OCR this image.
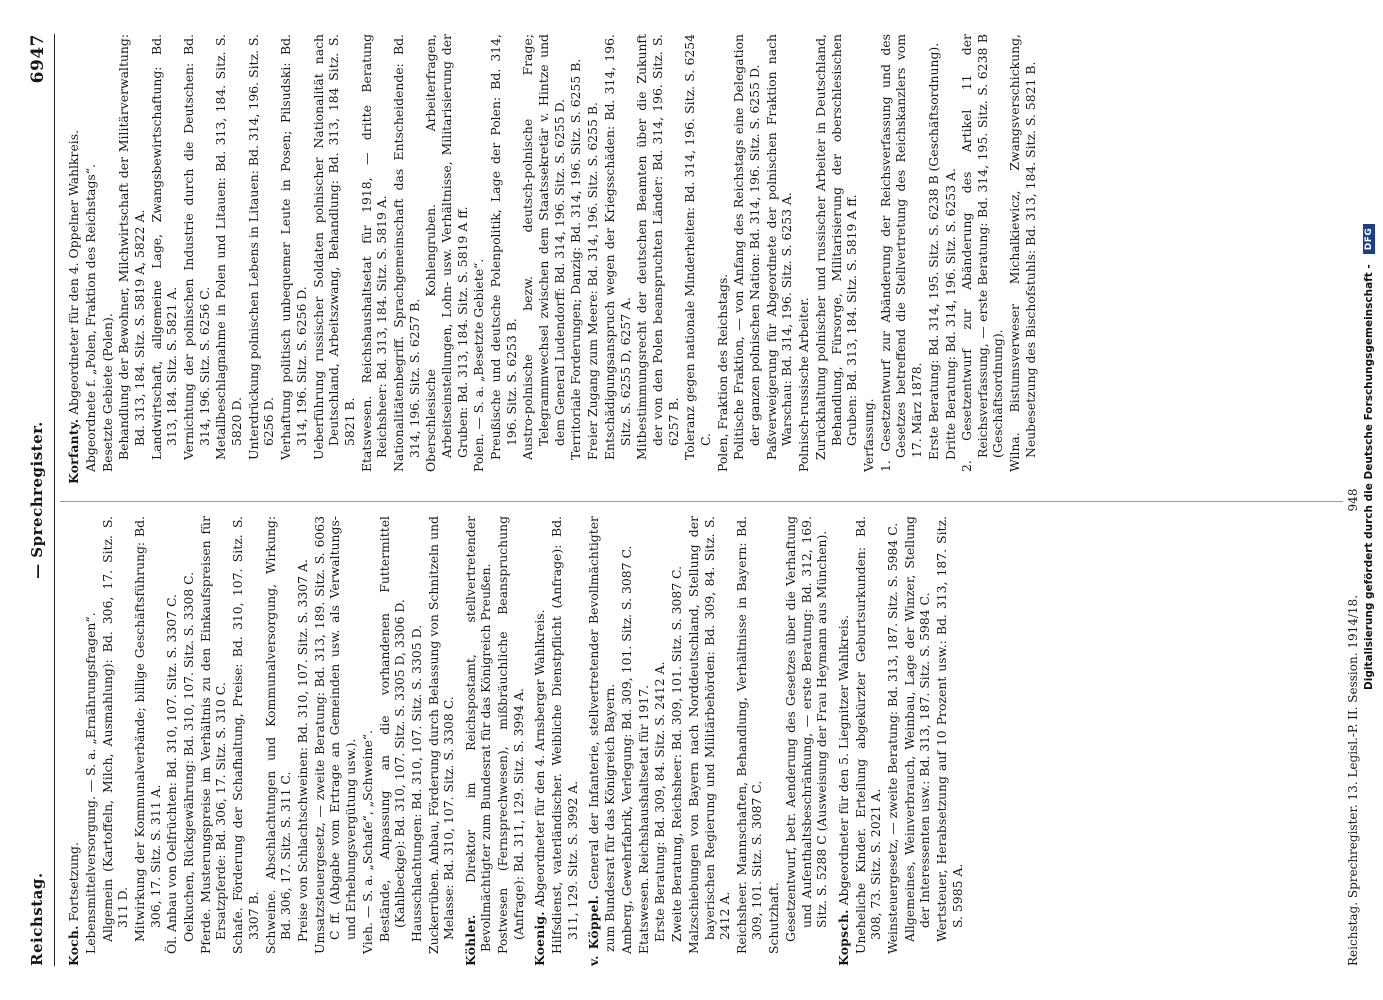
Reichstag.
— Sprechregister.
6947

Koch. Fortsetzung. Lebensmittelversorgung. — S. a. „Ernährungsfragen“. Allgemein (Kartoffeln, Milch, Ausmahlung): Bd. 306, 17. Sitz. S. 311 D. Mitwirkung der Kommunalverbände; billige Geschäftsführung: Bd. 306, 17. Sitz. S. 311 A. Öl. Anbau von Oelfrüchten: Bd. 310, 107. Sitz. S. 3307 C. Oelkuchen, Rückgewährung: Bd. 310, 107. Sitz. S. 3308 C. Pferde. Musterungspreise im Verhältnis zu den Einkaufspreisen für Ersatzpferde: Bd. 306, 17. Sitz. S. 310 C. Schafe. Förderung der Schafhaltung, Preise: Bd. 310, 107. Sitz. S. 3307 B. Schweine. Abschlachtungen und Kommunalversorgung, Wirkung: Bd. 306, 17. Sitz. S. 311 C. Preise von Schlachtschweinen: Bd. 310, 107. Sitz. S. 3307 A. Umsatzsteuergesetz, — zweite Beratung: Bd. 313, 189. Sitz. S. 6063 C ff. (Abgabe vom Ertrage an Gemeinden usw. als Verwaltungs- und Erhebungsvergütung usw.). Vieh. — S. a. „Schafe“, „Schweine“. Bestände, Anpassung an die vorhandenen Futtermittel (Kahlbeckge): Bd. 310, 107. Sitz. S. 3305 D, 3306 D. Hausschlachtungen: Bd. 310, 107. Sitz. S. 3305 D. Zuckerrüben. Anbau, Förderung durch Belassung von Schnitzeln und Melasse: Bd. 310, 107. Sitz. S. 3308 C.

Köhler. Direktor im Reichspostamt, stellvertretender Bevollmächtigter zum Bundesrat für das Königreich Preußen. Postwesen (Fernsprechwesen), mißbräuchliche Beanspruchung (Anfrage): Bd. 311, 129. Sitz. S. 3994 A. Koenig. Abgeordneter für den 4. Arnsberger Wahlkreis. Hilfsdienst, vaterländischer. Weibliche Dienstpflicht (Anfrage): Bd. 311, 129. Sitz. S. 3992 A. v. Köppel. General der Infanterie, stellvertretender Bevollmächtigter zum Bundesrat für das Königreich Bayern. Amberg, Gewehrfabrik, Verlegung: Bd. 309, 101. Sitz. S. 3087 C. Etatswesen. Reichshaushaltsetat für 1917. Erste Beratung: Bd. 309, 84. Sitz. S. 2412 A. Zweite Beratung, Reichsheer: Bd. 309, 101. Sitz. S. 3087 C. Malzschiebungen von Bayern nach Norddeutschland, Stellung der bayerischen Regierung und Militärbehörden: Bd. 309, 84. Sitz. S. 2412 A. Reichsheer. Mannschaften, Behandlung, Verhältnisse in Bayern: Bd. 309, 101. Sitz. S. 3087 C. Schutzhaft. Gesetzentwurf, betr. Aenderung des Gesetzes über die Verhaftung und Aufenthaltsbeschränkung, — erste Beratung: Bd. 312, 169. Sitz. S. 5288 C (Ausweisung der Frau Heymann aus München).

Kopsch. Abgeordneter für den 5. Liegnitzer Wahlkreis. Uneheliche Kinder. Erteilung abgekürzter Geburtsurkunden: Bd. 308, 73. Sitz. S. 2021 A. Weinsteuergesetz, — zweite Beratung: Bd. 313, 187. Sitz. S. 5984 C. Allgemeines, Weinverbrauch, Weinbau, Lage der Winzer, Stellung der Interessenten usw.: Bd. 313, 187. Sitz. S. 5984 C. Wertsteuer, Herabsetzung auf 10 Prozent usw.: Bd. 313, 187. Sitz. S. 5985 A.

Korfanty. Abgeordneter für den 4. Oppelner Wahlkreis. Abgeordnete f. „Polen, Fraktion des Reichstags“. Besetzte Gebiete (Polen). Behandlung der Bewohner, Milchwirtschaft der Militärverwaltung: Bd. 313, 184. Sitz. S. 5819 A, 5822 A. Landwirtschaft, allgemeine Lage, Zwangsbewirtschaftung: Bd. 313, 184. Sitz. S. 5821 A. Vernichtung der polnischen Industrie durch die Deutschen: Bd. 314, 196. Sitz. S. 6256 C. Metallbeschlagnahme in Polen und Litauen: Bd. 313, 184. Sitz. S. 5820 D. Unterdrückung polnischen Lebens in Litauen: Bd. 314, 196. Sitz. S. 6256 D. Verhaftung politisch unbequemer Leute in Posen; Pilsudski: Bd. 314, 196. Sitz. S. 6256 D. Ueberführung russischer Soldaten polnischer Nationalität nach Deutschland, Arbeitszwang, Behandlung: Bd. 313, 184 Sitz. S. 5821 B. Etatswesen. Reichshaushaltsetat für 1918, — dritte Beratung Reichsheer: Bd. 313, 184. Sitz. S. 5819 A. Nationalitätenbegriff. Sprachgemeinschaft das Entscheidende: Bd. 314, 196. Sitz. S. 6257 B. Oberschlesische Kohlengruben. Arbeiterfragen, Arbeitseinstellungen, Lohn- usw. Verhältnisse, Militarisierung der Gruben: Bd. 313, 184. Sitz. S. 5819 A ff. Polen. — S. a. „Besetzte Gebiete“. Preußische und deutsche Polenpolitik, Lage der Polen: Bd. 314, 196. Sitz. S. 6253 B. Austro-polnische bezw. deutsch-polnische Frage; Telegrammwechsel zwischen dem Staatssekretär v. Hintze und dem General Ludendorff: Bd. 314, 196. Sitz. S. 6255 D. Territoriale Forderungen; Danzig: Bd. 314, 196. Sitz. S. 6255 B. Freier Zugang zum Meere: Bd. 314, 196. Sitz. S. 6255 B. Entschädigungsanspruch wegen der Kriegsschäden: Bd. 314, 196. Sitz. S. 6255 D, 6257 A. Mitbestimmungsrecht der deutschen Beamten über die Zukunft der von den Polen beanspruchten Länder: Bd. 314, 196. Sitz. S. 6257 B. Toleranz gegen nationale Minderheiten: Bd. 314, 196. Sitz. S. 6254 C. Polen, Fraktion des Reichstags. Politische Fraktion, — von Anfang des Reichstags eine Delegation der ganzen polnischen Nation: Bd. 314, 196. Sitz. S. 6255 D. Paßverweigerung für Abgeordnete der polnischen Fraktion nach Warschau: Bd. 314, 196. Sitz. S. 6253 A. Polnisch-russische Arbeiter. Zurückhaltung polnischer und russischer Arbeiter in Deutschland, Behandlung, Fürsorge, Militarisierung der oberschlesischen Gruben: Bd. 313, 184. Sitz. S. 5819 A ff. Verfassung. 1. Gesetzentwurf zur Abänderung der Reichsverfassung und des Gesetzes betreffend die Stellvertretung des Reichskanzlers vom 17. März 1878. Erste Beratung: Bd. 314, 195. Sitz. S. 6238 B (Geschäftsordnung). Dritte Beratung: Bd. 314, 196. Sitz. S. 6253 A. 2. Gesetzentwurf zur Abänderung des Artikel 11 der Reichsverfassung, — erste Beratung: Bd. 314, 195. Sitz. S. 6238 B (Geschäftsordnung). Wilna. Bistumsverweser Michalkiewicz, Zwangsverschickung, Neubesetzung des Bischofstuhls: Bd. 313, 184. Sitz. S. 5821 B.

Reichstag. Sprechregister. 13. Legisl.-P. II. Session. 1914/18.
948 Digitalisierung gefördert durch die Deutsche Forschungsgemeinschaft -
DFG
